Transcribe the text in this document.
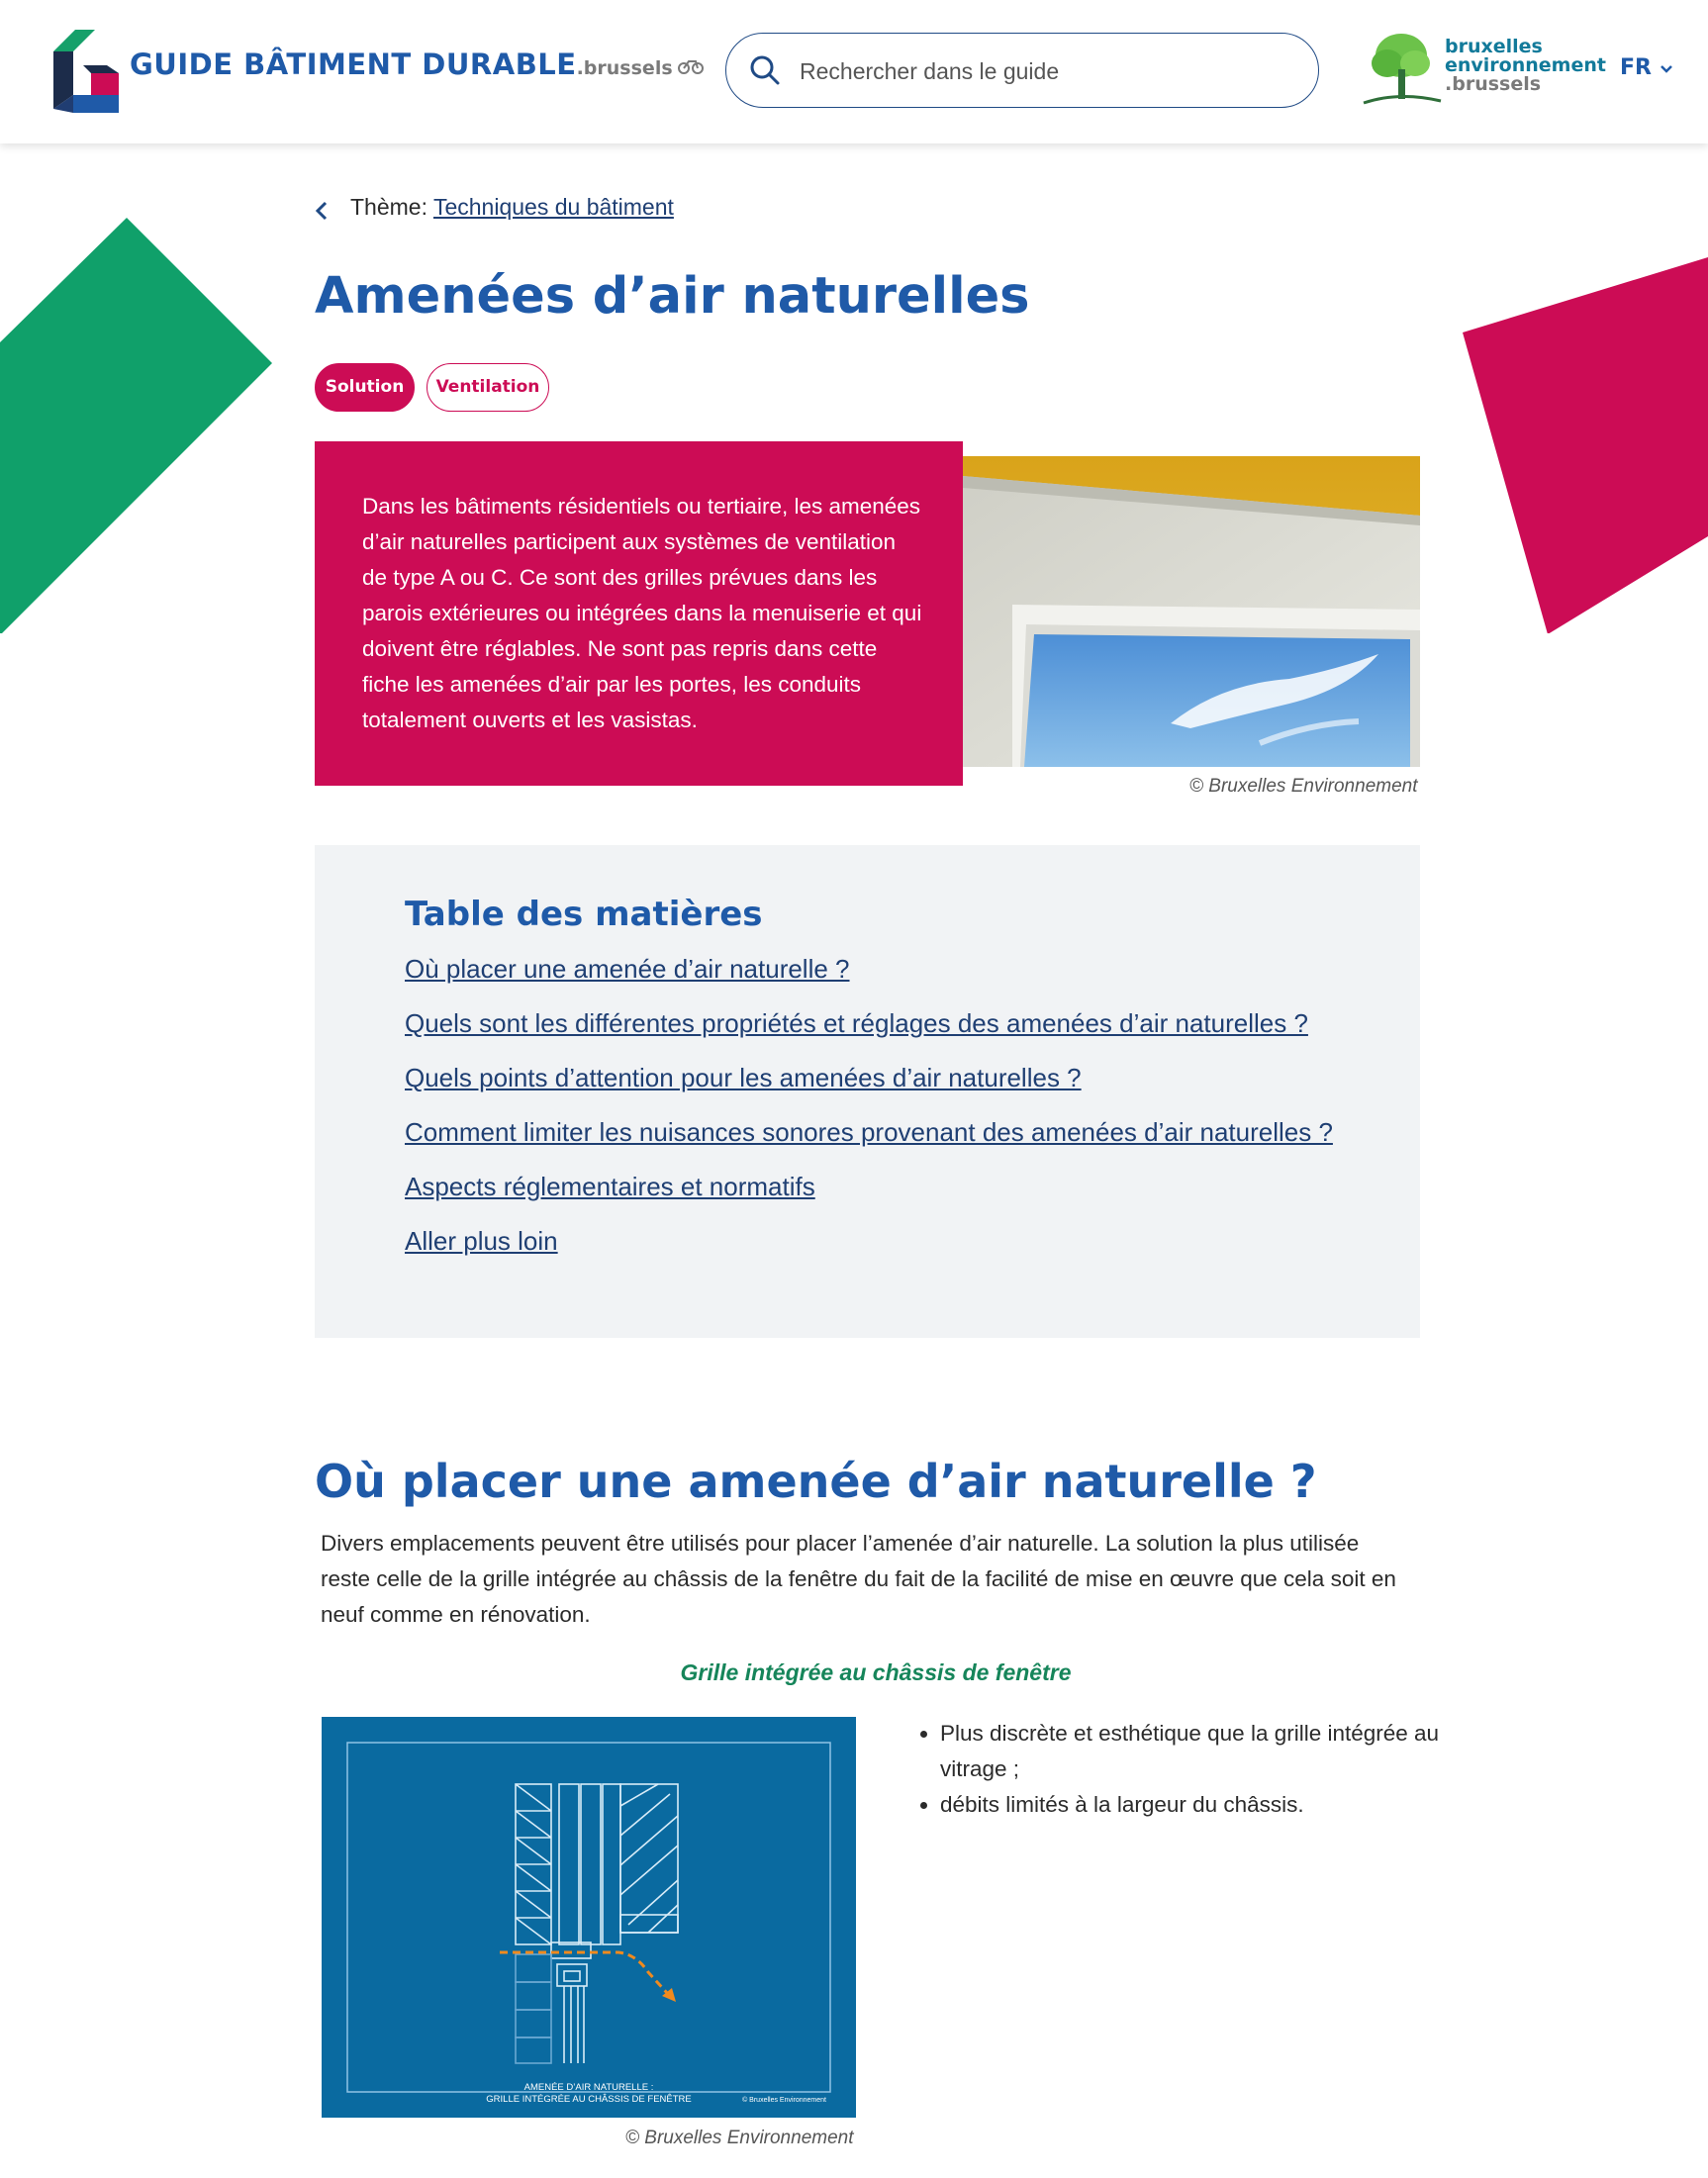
GUIDE BÂTIMENT DURABLE.brussels
Rechercher dans le guide
bruxelles
environnement
.brussels
FR
Thème: Techniques du bâtiment
Amenées d’air naturelles
Solution	Ventilation

Dans les bâtiments résidentiels ou tertiaire, les amenées d’air naturelles participent aux systèmes de ventilation de type A ou C. Ce sont des grilles prévues dans les parois extérieures ou intégrées dans la menuiserie et qui doivent être réglables. Ne sont pas repris dans cette fiche les amenées d’air par les portes, les conduits totalement ouverts et les vasistas.

© Bruxelles Environnement
Table des matières
Où placer une amenée d’air naturelle ?
Quels sont les différentes propriétés et réglages des amenées d’air naturelles ?
Quels points d’attention pour les amenées d’air naturelles ?
Comment limiter les nuisances sonores provenant des amenées d’air naturelles ?
Aspects réglementaires et normatifs
Aller plus loin
Où placer une amenée d’air naturelle ?

Divers emplacements peuvent être utilisés pour placer l’amenée d’air naturelle. La solution la plus utilisée reste celle de la grille intégrée au châssis de la fenêtre du fait de la facilité de mise en œuvre que cela soit en neuf comme en rénovation.

Grille intégrée au châssis de fenêtre
AMENÉE D’AIR NATURELLE :
GRILLE INTÉGRÉE AU CHÂSSIS DE FENÊTRE	© Bruxelles Environnement
© Bruxelles Environnement
• Plus discrète et esthétique que la grille intégrée au vitrage ;
• débits limités à la largeur du châssis.
